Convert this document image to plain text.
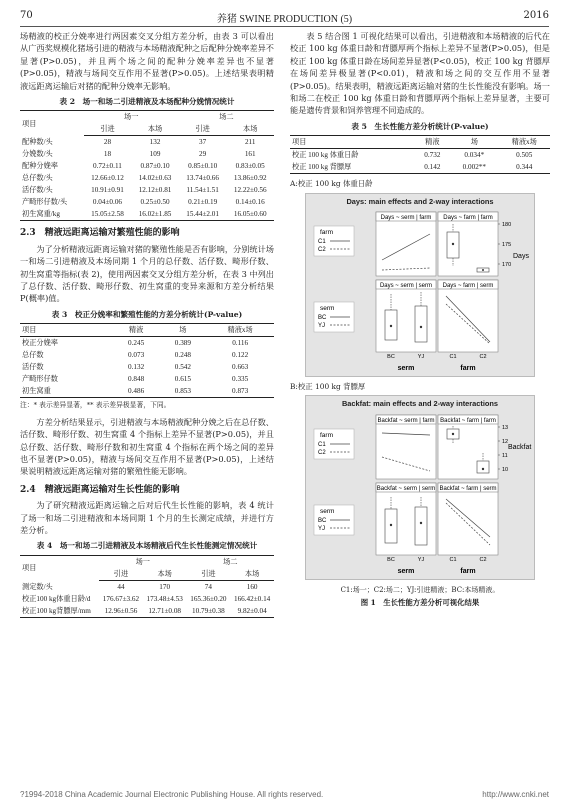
70	养猪 SWINE PRODUCTION (5)	2016

场精液的校正分娩率进行两因素交叉分组方差分析，由表 3 可以看出从广西奖规模化猪场引进的精液与本场精液配种之后配种分娩率差异不显著(P>0.05)，并且两个场之间的配种分娩率差异也不显著(P>0.05)，精液与场间交互作用不显著(P>0.05)。上述结果表明精液远距离运输后对猪的配种分娩率无影响。

表 2　场一和场二引进精液及本场配种分娩情况统计
项目	场一		场二	
	引进	本场	引进	本场
配种数/头	28	132	37	211
分娩数/头	18	109	29	161
配种分娩率	0.72±0.11	0.87±0.10	0.85±0.10	0.83±0.05
总仔数/头	12.66±0.12	14.02±0.63	13.74±0.66	13.86±0.92
活仔数/头	10.91±0.91	12.12±0.81	11.54±1.51	12.22±0.56
产畸形仔数/头	0.04±0.06	0.25±0.50	0.21±0.19	0.14±0.16
初生窝重/kg	15.05±2.58	16.02±1.85	15.44±2.01	16.05±0.60
2.3　精液远距离运输对繁殖性能的影响

为了分析精液远距离运输对猪的繁殖性能是否有影响，分别统计场一和场二引进精液及本场同期 1 个月的总仔数、活仔数、畸形仔数、初生窝重等指标(表 2)，使用两因素交叉分组方差分析，在表 3 中列出了总仔数、活仔数、畸形仔数、初生窝重的变异来源和方差分析结果 P(概率)值。

表 3　校正分娩率和繁殖性能的方差分析统计(P-value)
项目	精液	场	精液x场
校正分娩率	0.245	0.389	0.116
总仔数	0.073	0.248	0.122
活仔数	0.132	0.542	0.663
产畸形仔数	0.848	0.615	0.335
初生窝重	0.486	0.853	0.873
注：* 表示差异显著，** 表示差异极显著，下同。

方差分析结果显示，引进精液与本场精液配种分娩之后在总仔数、活仔数、畸形仔数、初生窝重 4 个指标上差异不显著(P>0.05)，并且总仔数、活仔数、畸形仔数和初生窝重 4 个指标在两个场之间的差异也不显著(P>0.05)，精液与场间交互作用不显著(P>0.05)，上述结果说明精液远距离运输对猪的繁殖性能无影响。

2.4　精液远距离运输对生长性能的影响

为了研究精液远距离运输之后对后代生长性能的影响，表 4 统计了场一和场二引进精液和本场同期 1 个月的生长测定成绩，并进行方差分析。

表 4　场一和场二引进精液及本场精液后代生长性能测定情况统计
项目	场一		场二	
	引进	本场	引进	本场
测定数/头	44	170	74	160
校正100 kg体重日龄/d	176.67±3.62	173.48±4.53	165.36±0.20	166.42±0.14
校正100 kg背膘厚/mm	12.96±0.56	12.71±0.08	10.79±0.38	9.82±0.04

表 5 结合图 1 可视化结果可以看出，引进精液和本场精液的后代在校正 100 kg 体重日龄和背膘厚两个指标上差异不显著(P>0.05)，但是校正 100 kg 体重日龄在场间差异显著(P<0.05)，校正 100 kg 背膘厚在场间差异极显著(P<0.01)，精液和场之间的交互作用不显著(P>0.05)。结果表明，精液远距离运输对猪的生长性能没有影响。场一和场二在校正 100 kg 体重日龄和背膘厚两个指标上差异显著，主要可能是遗传背景和饲养管理不同造成的。

表 5　生长性能方差分析统计(P-value)
项目	精液	场	精液x场
校正 100 kg 体重日龄	0.732	0.034*	0.505
校正 100 kg 背膘厚	0.142	0.002**	0.344
A:校正 100 kg 体重日龄
Days: main effects and 2-way interactions
Days ~ serm | farm
farm
C1
C2
Days ~ farm | farm
180
175
170
Days
Days ~ serm | serm
BC	YJ
serm
serm
BC
YJ
Days ~ farm | serm
C1	C2
farm
B:校正 100 kg 背膘厚
Backfat: main effects and 2-way interactions
Backfat ~ serm | farm
farm
C1
C2
Backfat ~ farm | farm
13
12
11
10
Backfat
Backfat ~ serm | serm
BC	YJ
serm
serm
BC
YJ
Backfat ~ farm | serm
C1	C2
farm
C1:场一；C2:场二；YJ:引进精液；BC:本场精液。
图 1　生长性能方差分析可视化结果
?1994-2018 China Academic Journal Electronic Publishing House. All rights reserved.	http://www.cnki.net
